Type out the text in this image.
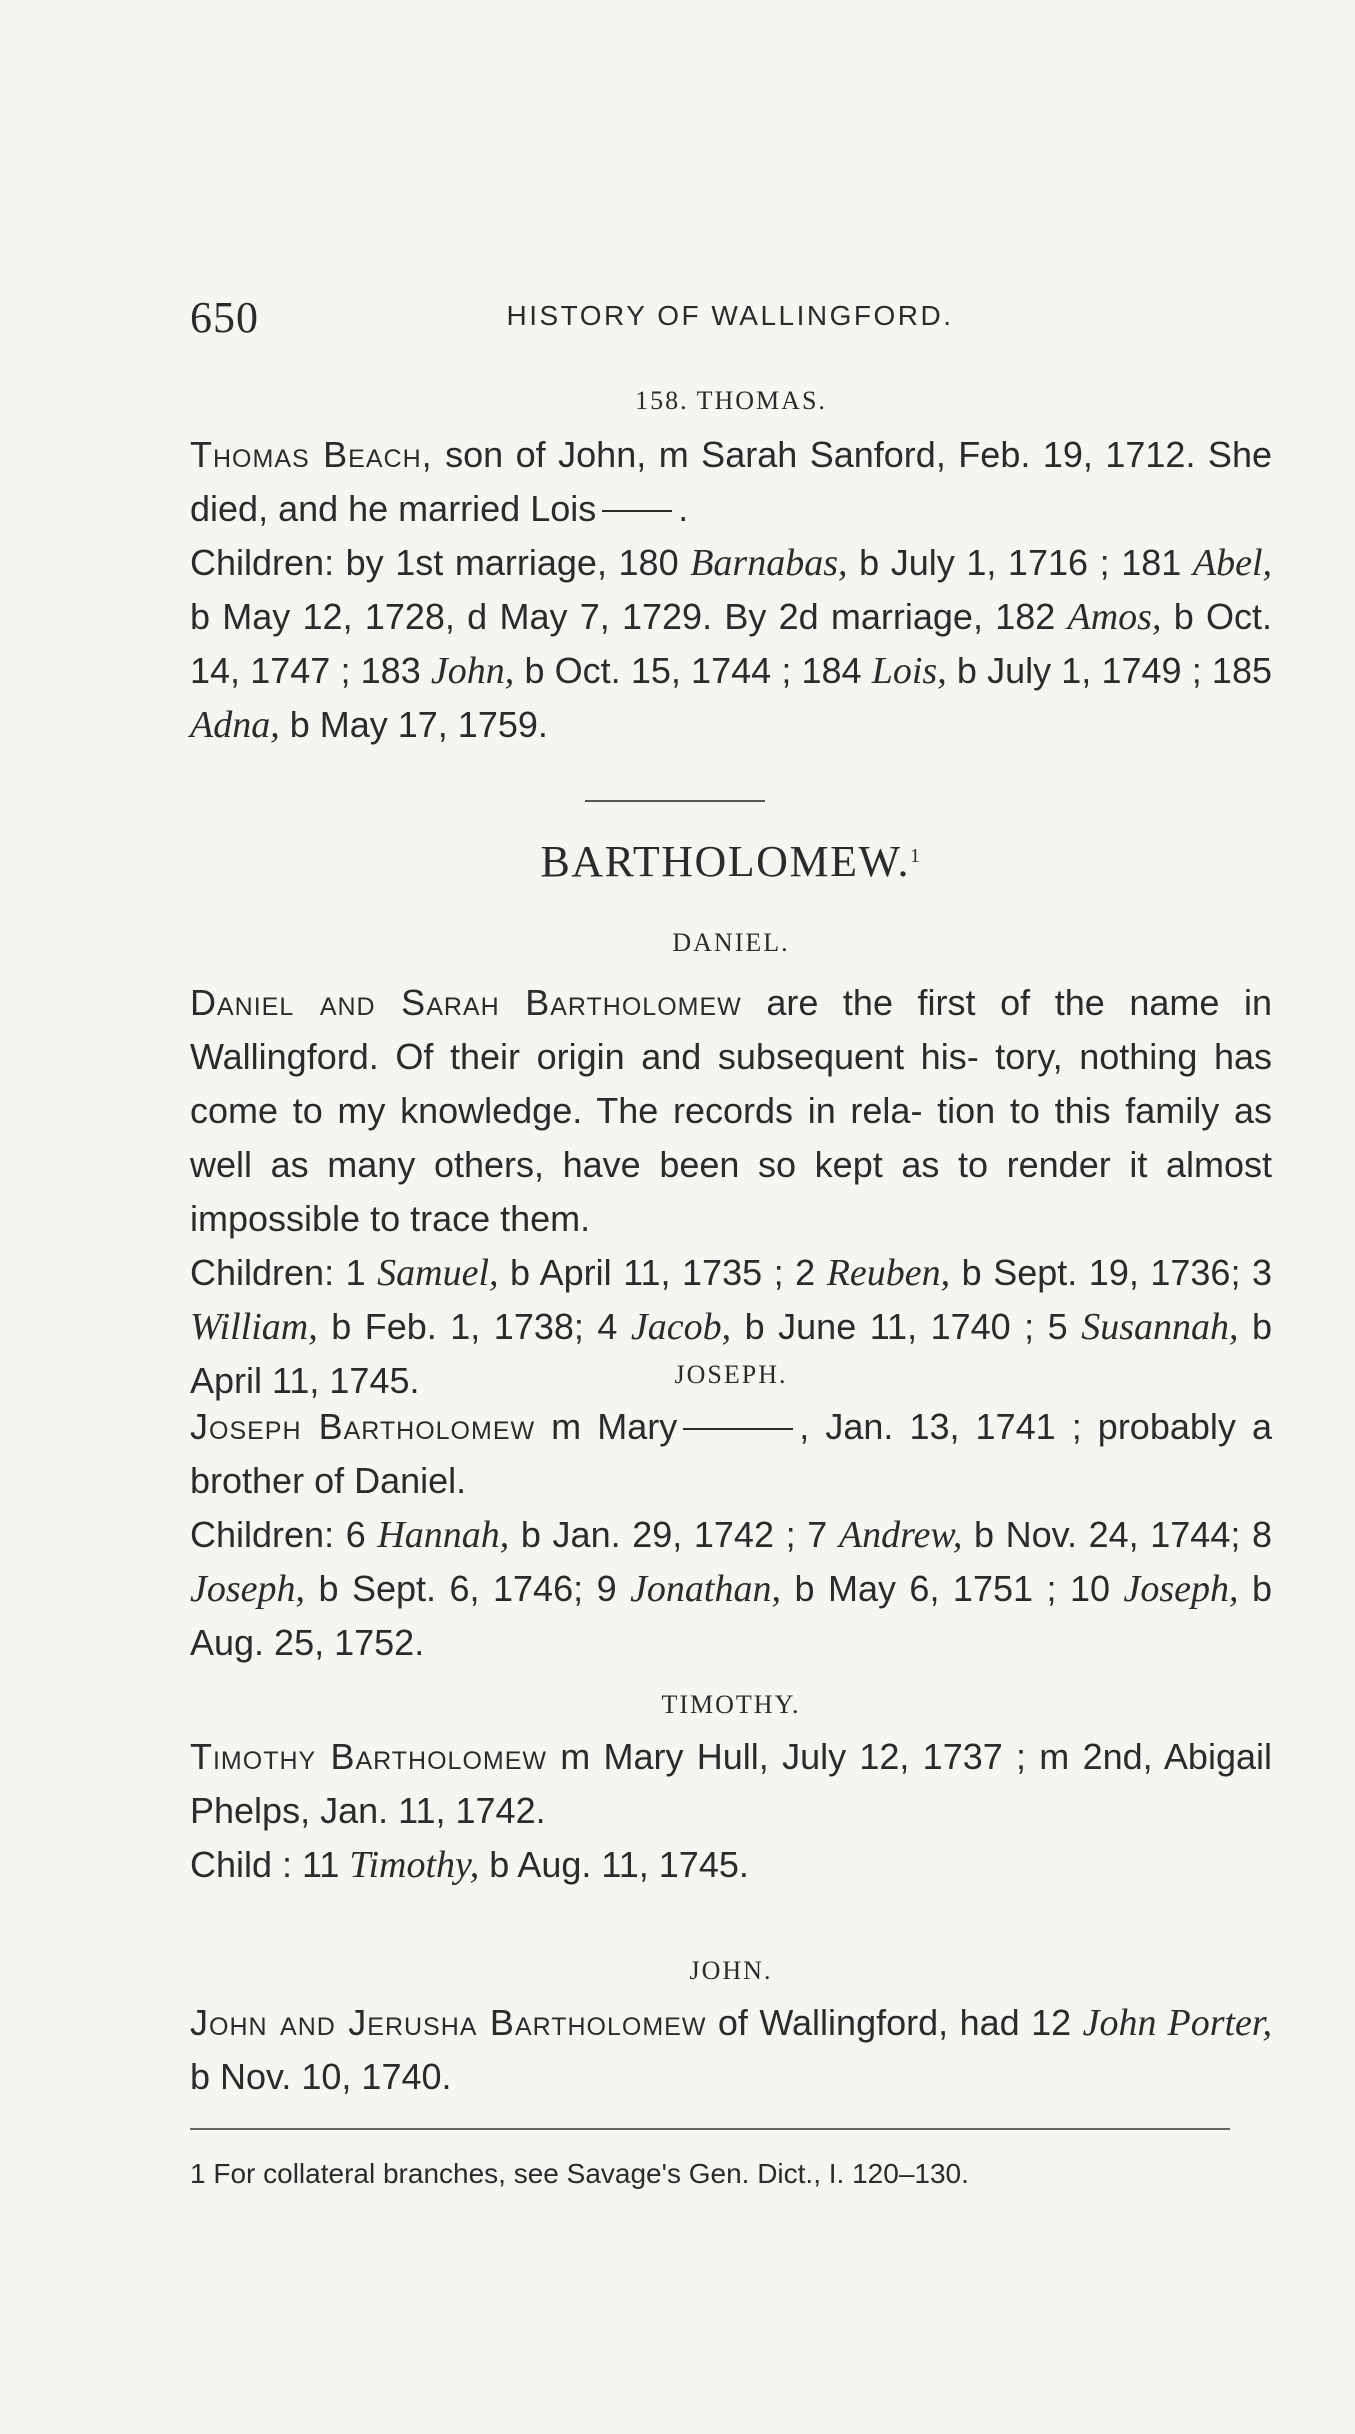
650	HISTORY OF WALLINGFORD.
158. THOMAS.

Thomas Beach, son of John, m Sarah Sanford, Feb. 19, 1712. She died, and he married Lois .

Children: by 1st marriage, 180 Barnabas, b July 1, 1716 ; 181 Abel, b May 12, 1728, d May 7, 1729. By 2d marriage, 182 Amos, b Oct. 14, 1747 ; 183 John, b Oct. 15, 1744 ; 184 Lois, b July 1, 1749 ; 185 Adna, b May 17, 1759.

BARTHOLOMEW.$^1$
DANIEL.

Daniel and Sarah Bartholomew are the first of the name in Wallingford. Of their origin and subsequent his- tory, nothing has come to my knowledge. The records in rela- tion to this family as well as many others, have been so kept as to render it almost impossible to trace them.

Children: 1 Samuel, b April 11, 1735 ; 2 Reuben, b Sept. 19, 1736; 3 William, b Feb. 1, 1738; 4 Jacob, b June 11, 1740 ; 5 Susannah, b April 11, 1745.	JOSEPH.

Joseph Bartholomew m Mary	, Jan. 13, 1741 ; probably a brother of Daniel.

Children: 6 Hannah, b Jan. 29, 1742 ; 7 Andrew, b Nov. 24, 1744; 8 Joseph, b Sept. 6, 1746; 9 Jonathan, b May 6, 1751 ; 10 Joseph, b Aug. 25, 1752.

TIMOTHY.

Timothy Bartholomew m Mary Hull, July 12, 1737 ; m 2nd, Abigail Phelps, Jan. 11, 1742.

Child : 11 Timothy, b Aug. 11, 1745.

JOHN.

John and Jerusha Bartholomew of Wallingford, had 12 John Porter, b Nov. 10, 1740.

1 For collateral branches, see Savage's Gen. Dict., I. 120–130.
